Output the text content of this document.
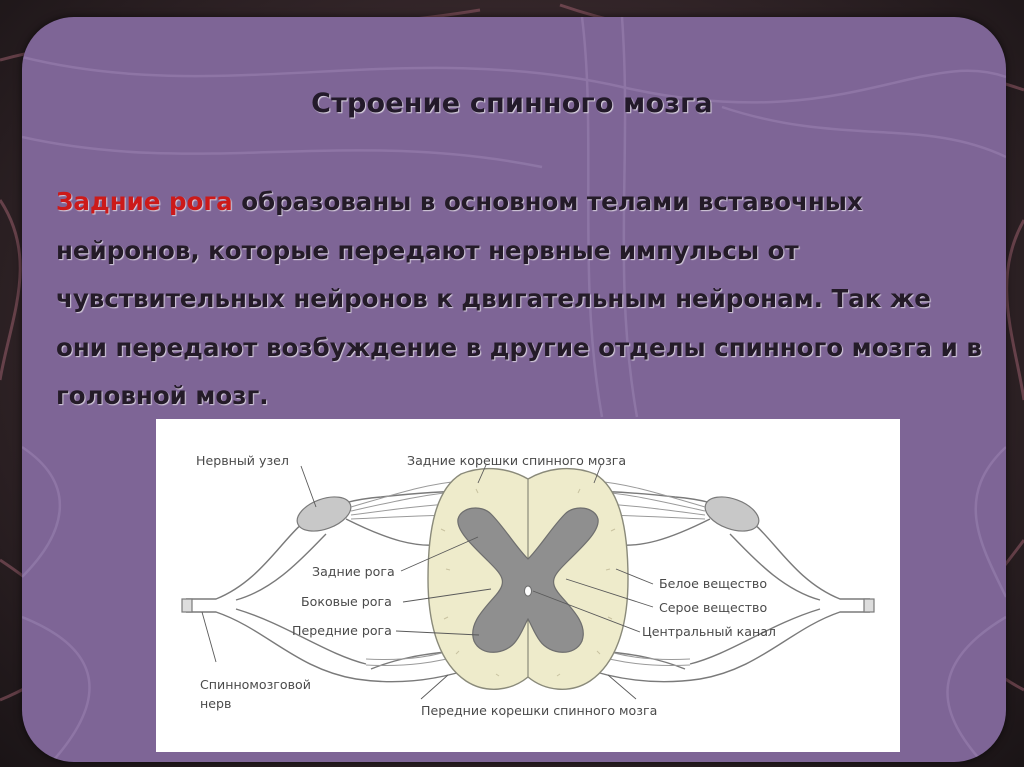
Строение спинного мозга
Задние рога образованы в основном телами вставочных нейронов, которые передают нервные импульсы от чувствительных нейронов к двигательным нейронам. Так же они передают возбуждение в другие отделы спинного мозга и в головной мозг.
Нервный узел	Задние корешки спинного мозга
Задние рога
Боковые рога
Передние рога
Спинномозговой
нерв	Передние корешки спинного мозга
Белое вещество
Серое вещество
Центральный канал
